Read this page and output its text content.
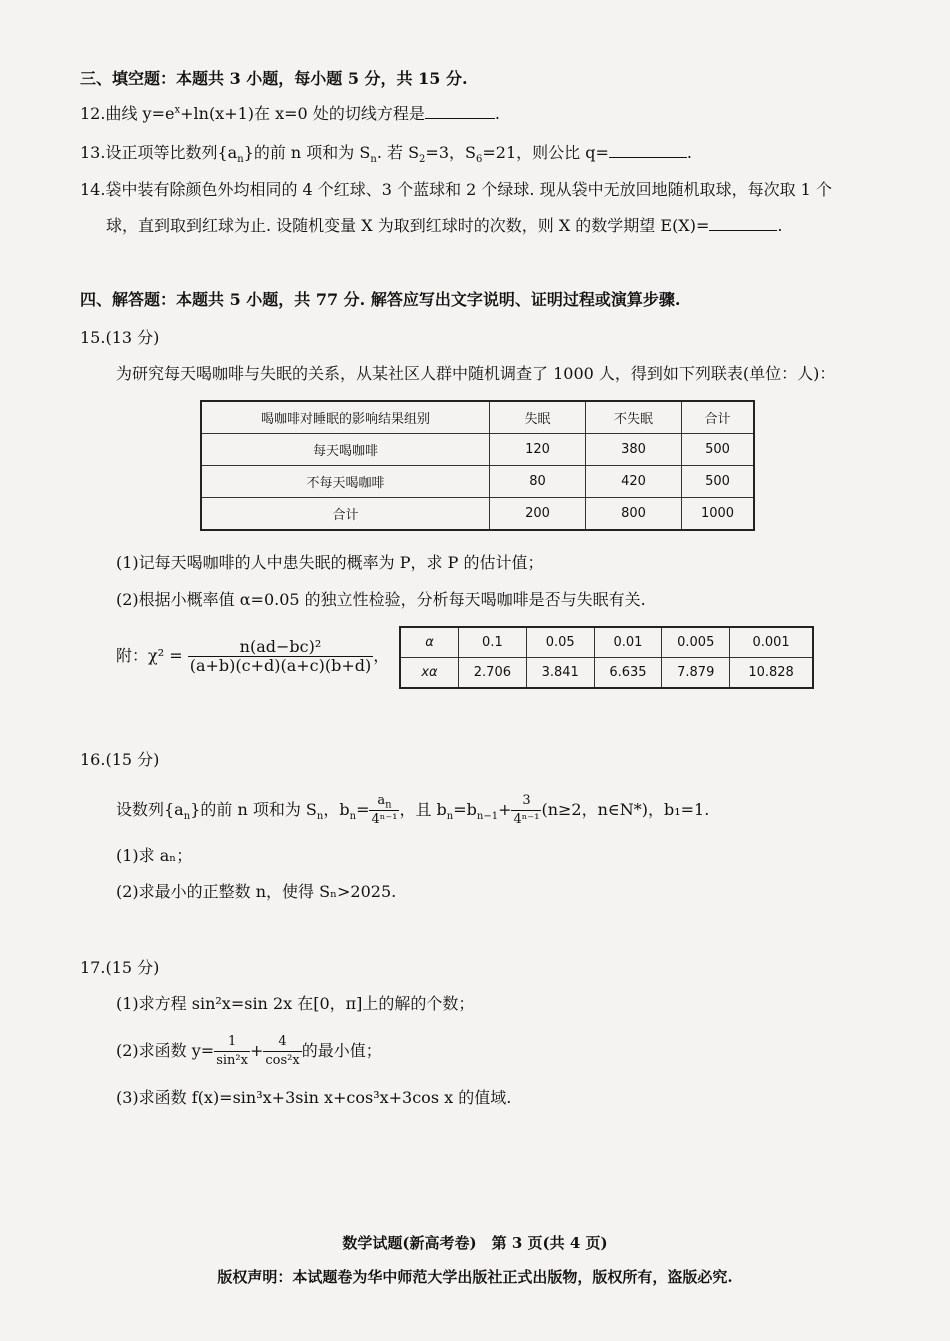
三、填空题：本题共 3 小题，每小题 5 分，共 15 分.
12.曲线 $y=e^x+\ln(x+1)$在 x=0 处的切线方程是	.
13.设正项等比数列$\{a_n\}$的前 n 项和为 $S_n$. 若 $S_2=3$，$S_6=21$，则公比 q=	.
14.袋中装有除颜色外均相同的 4 个红球、3 个蓝球和 2 个绿球. 现从袋中无放回地随机取球，每次取 1 个
球，直到取到红球为止. 设随机变量 X 为取到红球时的次数，则 X 的数学期望 E(X)=	.
四、解答题：本题共 5 小题，共 77 分. 解答应写出文字说明、证明过程或演算步骤.
15.(13 分)
为研究每天喝咖啡与失眠的关系，从某社区人群中随机调查了 1000 人，得到如下列联表(单位：人)：
喝咖啡对睡眠的影响结果组别	失眠	不失眠	合计
每天喝咖啡	120	380	500
不每天喝咖啡	80	420	500
合计	200	800	1000
(1)记每天喝咖啡的人中患失眠的概率为 P，求 P 的估计值；
(2)根据小概率值 α=0.05 的独立性检验，分析每天喝咖啡是否与失眠有关.
附：$\chi^2 = \frac{\text{n(ad−bc)²}}{(a+b)(c+d)(a+c)(b+d)}$ ，
α	0.1	0.05	0.01	0.005	0.001
xα	2.706	3.841	6.635	7.879	10.828
16.(15 分)
设数列$\{a_n\}$的前 n 项和为 $S_n$，$b_n= \frac{a_n}{\text{4ⁿ⁻¹}}$ ，且 $b_n=b_{n-1}+ \frac{3}{\text{4ⁿ⁻¹}} (n\ge 2$，n∈N*)，b₁=1.
(1)求 aₙ；
(2)求最小的正整数 n，使得 Sₙ>2025.
17.(15 分)
(1)求方程 sin²x=sin 2x 在[0，π]上的解的个数；
(2)求函数 $y= \frac{1}{\text{sin²x}} + \frac{4}{\text{cos²x}}$ 的最小值；
(3)求函数 f(x)=sin³x+3sin x+cos³x+3cos x 的值域.
数学试题(新高考卷)　第 3 页(共 4 页)
版权声明：本试题卷为华中师范大学出版社正式出版物，版权所有，盗版必究.
